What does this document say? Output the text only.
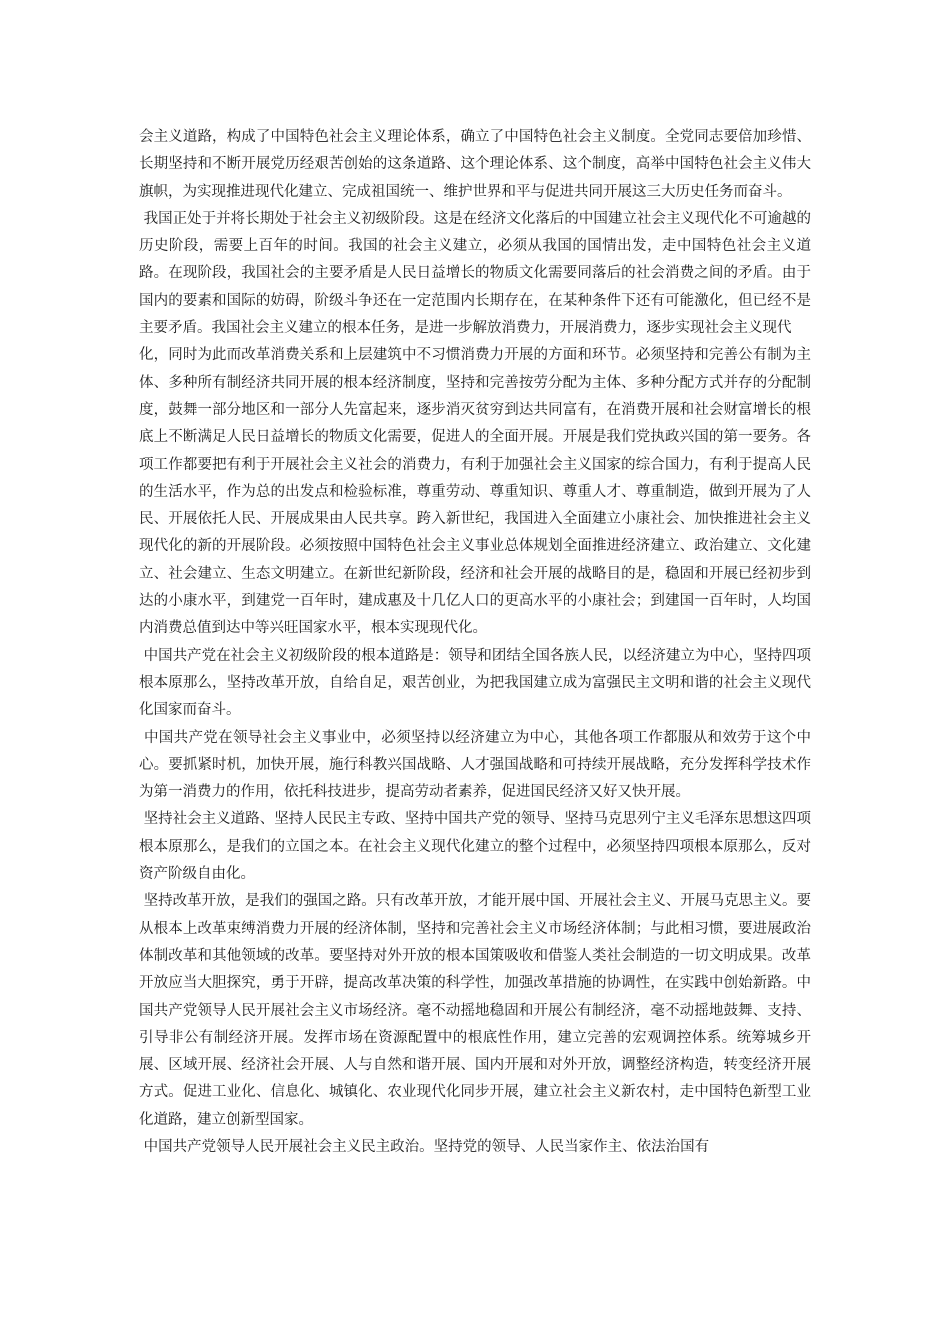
会主义道路，构成了中国特色社会主义理论体系，确立了中国特色社会主义制度。全党同志要倍加珍惜、长期坚持和不断开展党历经艰苦创始的这条道路、这个理论体系、这个制度，高举中国特色社会主义伟大旗帜，为实现推进现代化建立、完成祖国统一、维护世界和平与促进共同开展这三大历史任务而奋斗。

我国正处于并将长期处于社会主义初级阶段。这是在经济文化落后的中国建立社会主义现代化不可逾越的历史阶段，需要上百年的时间。我国的社会主义建立，必须从我国的国情出发，走中国特色社会主义道路。在现阶段，我国社会的主要矛盾是人民日益增长的物质文化需要同落后的社会消费之间的矛盾。由于国内的要素和国际的妨碍，阶级斗争还在一定范围内长期存在，在某种条件下还有可能激化，但已经不是主要矛盾。我国社会主义建立的根本任务，是进一步解放消费力，开展消费力，逐步实现社会主义现代

化，同时为此而改革消费关系和上层建筑中不习惯消费力开展的方面和环节。必须坚持和完善公有制为主体、多种所有制经济共同开展的根本经济制度，坚持和完善按劳分配为主体、多种分配方式并存的分配制度，鼓舞一部分地区和一部分人先富起来，逐步消灭贫穷到达共同富有，在消费开展和社会财富增长的根底上不断满足人民日益增长的物质文化需要，促进人的全面开展。开展是我们党执政兴国的第一要务。各项工作都要把有利于开展社会主义社会的消费力，有利于加强社会主义国家的综合国力，有利于提高人民的生活水平，作为总的出发点和检验标准，尊重劳动、尊重知识、尊重人才、尊重制造，做到开展为了人民、开展依托人民、开展成果由人民共享。跨入新世纪，我国进入全面建立小康社会、加快推进社会主义现代化的新的开展阶段。必须按照中国特色社会主义事业总体规划全面推进经济建立、政治建立、文化建立、社会建立、生态文明建立。在新世纪新阶段，经济和社会开展的战略目的是，稳固和开展已经初步到达的小康水平，到建党一百年时，建成惠及十几亿人口的更高水平的小康社会；到建国一百年时，人均国内消费总值到达中等兴旺国家水平，根本实现现代化。

中国共产党在社会主义初级阶段的根本道路是：领导和团结全国各族人民，以经济建立为中心，坚持四项根本原那么，坚持改革开放，自给自足，艰苦创业，为把我国建立成为富强民主文明和谐的社会主义现代化国家而奋斗。

中国共产党在领导社会主义事业中，必须坚持以经济建立为中心，其他各项工作都服从和效劳于这个中心。要抓紧时机，加快开展，施行科教兴国战略、人才强国战略和可持续开展战略，充分发挥科学技术作为第一消费力的作用，依托科技进步，提高劳动者素养，促进国民经济又好又快开展。

坚持社会主义道路、坚持人民民主专政、坚持中国共产党的领导、坚持马克思列宁主义毛泽东思想这四项根本原那么，是我们的立国之本。在社会主义现代化建立的整个过程中，必须坚持四项根本原那么，反对资产阶级自由化。

坚持改革开放，是我们的强国之路。只有改革开放，才能开展中国、开展社会主义、开展马克思主义。要从根本上改革束缚消费力开展的经济体制，坚持和完善社会主义市场经济体制；与此相习惯，要进展政治体制改革和其他领域的改革。要坚持对外开放的根本国策吸收和借鉴人类社会制造的一切文明成果。改革开放应当大胆探究，勇于开辟，提高改革决策的科学性，加强改革措施的协调性，在实践中创始新路。中国共产党领导人民开展社会主义市场经济。毫不动摇地稳固和开展公有制经济，毫不动摇地鼓舞、支持、引导非公有制经济开展。发挥市场在资源配置中的根底性作用，建立完善的宏观调控体系。统筹城乡开展、区域开展、经济社会开展、人与自然和谐开展、国内开展和对外开放，调整经济构造，转变经济开展方式。促进工业化、信息化、城镇化、农业现代化同步开展，建立社会主义新农村，走中国特色新型工业化道路，建立创新型国家。

中国共产党领导人民开展社会主义民主政治。坚持党的领导、人民当家作主、依法治国有
